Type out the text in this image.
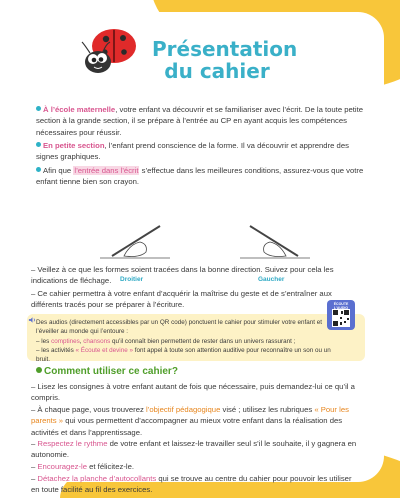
Présentation
du cahier
À l’école maternelle, votre enfant va découvrir et se familiariser avec l’écrit. De la toute petite section à la grande section, il se prépare à l’entrée au CP en ayant acquis les compétences nécessaires pour réussir.
En petite section, l’enfant prend conscience de la forme. Il va découvrir et apprendre des signes graphiques.
Afin que l’entrée dans l’écrit s’effectue dans les meilleures conditions, assurez-vous que votre enfant tienne bien son crayon.
Droitier	Gaucher
– Veillez à ce que les formes soient tracées dans la bonne direction. Suivez pour cela les indications de fléchage.
– Ce cahier permettra à votre enfant d’acquérir la maîtrise du geste et de s’entraîner aux différents tracés pour se préparer à l’écriture.
Des audios (directement accessibles par un QR code) ponctuent le cahier pour stimuler votre enfant et l’éveiller au monde qui l’entoure :
– les comptines, chansons qu’il connaît bien permettent de rester dans un univers rassurant ;
– les activités « Écoute et devine » font appel à toute son attention auditive pour reconnaître un son ou un bruit.
ÉCOUTE L'AUDIO
Comment utiliser ce cahier?
– Lisez les consignes à votre enfant autant de fois que nécessaire, puis demandez-lui ce qu’il a compris.
– À chaque page, vous trouverez l’objectif pédagogique visé ; utilisez les rubriques « Pour les parents » qui vous permettent d’accompagner au mieux votre enfant dans la réalisation des activités et dans l’apprentissage.
– Respectez le rythme de votre enfant et laissez-le travailler seul s’il le souhaite, il y gagnera en autonomie.
– Encouragez-le et félicitez-le.
– Détachez la planche d’autocollants qui se trouve au centre du cahier pour pouvoir les utiliser en toute facilité au fil des exercices.
